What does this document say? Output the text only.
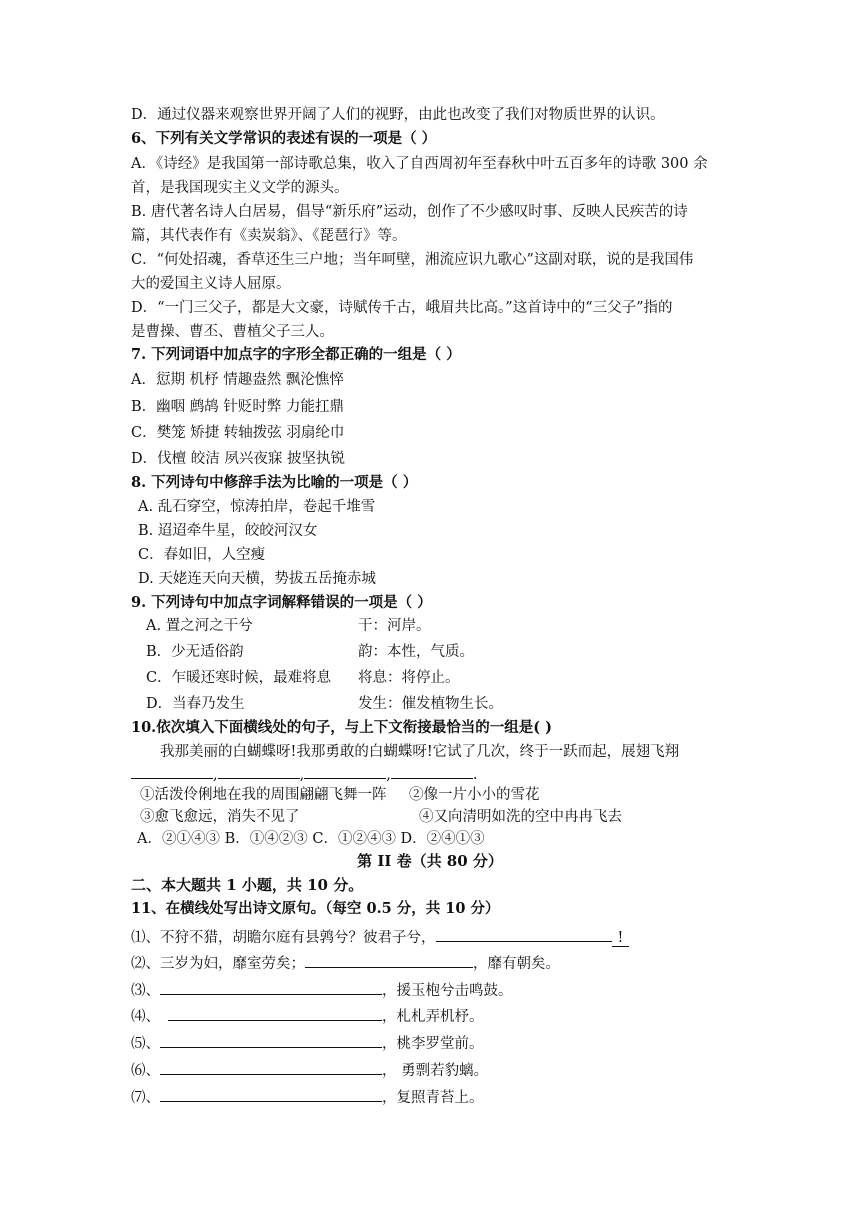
D．通过仪器来观察世界开阔了人们的视野，由此也改变了我们对物质世界的认识。
6、下列有关文学常识的表述有误的一项是（ ）
A．《诗经》是我国第一部诗歌总集，收入了自西周初年至春秋中叶五百多年的诗歌 300 余
首，是我国现实主义文学的源头。
B. 唐代著名诗人白居易，倡导“新乐府”运动，创作了不少感叹时事、反映人民疾苦的诗
篇，其代表作有《卖炭翁》、《琵琶行》等。
C．“何处招魂，香草还生三户地；当年呵壁，湘流应识九歌心”这副对联，说的是我国伟
大的爱国主义诗人屈原。
D．“一门三父子，都是大文豪，诗赋传千古，峨眉共比高。”这首诗中的“三父子”指的
是曹操、曹丕、曹植父子三人。
7. 下列词语中加点字的字形全都正确的一组是（ ）
A．愆期 机杼 情趣盎然 飘沦憔悴
B．幽咽 鹧鸪 针贬时弊 力能扛鼎
C．樊笼 矫捷 转轴拨弦 羽扇纶巾
D．伐檀 皎洁 夙兴夜寐 披坚执锐
8. 下列诗句中修辞手法为比喻的一项是（ ）
A. 乱石穿空，惊涛拍岸，卷起千堆雪
B. 迢迢牵牛星，皎皎河汉女
C．春如旧，人空瘦
D. 天姥连天向天横，势拔五岳掩赤城
9. 下列诗句中加点字词解释错误的一项是（ ）
A. 置之河之干兮	干：河岸。
B．少无适俗韵	韵：本性，气质。
C．乍暖还寒时候，最难将息 将息：将停止。
D．当春乃发生	发生：催发植物生长。
10.依次填入下面横线处的句子，与上下文衔接最恰当的一组是( )
我那美丽的白蝴蝶呀!我那勇敢的白蝴蝶呀!它试了几次，终于一跃而起，展翅飞翔
,	,	,	.
①活泼伶俐地在我的周围翩翩飞舞一阵 ②像一片小小的雪花
③愈飞愈远，消失不见了	④又向清明如洗的空中冉冉飞去
A．②①④③ B．①④②③ C．①②④③ D．②④①③
第 II 卷（共 80 分）
二、本大题共 1 小题，共 10 分。
11、在横线处写出诗文原句。（每空 0.5 分，共 10 分）
⑴、不狩不猎，胡瞻尔庭有县鹑兮？彼君子兮，	!
⑵、三岁为妇，靡室劳矣；	，靡有朝矣。
⑶、	，援玉枹兮击鸣鼓。
⑷、	，札札弄机杼。
⑸、	，桃李罗堂前。
⑹、	， 勇剽若豹螭。
⑺、	，复照青苔上。
